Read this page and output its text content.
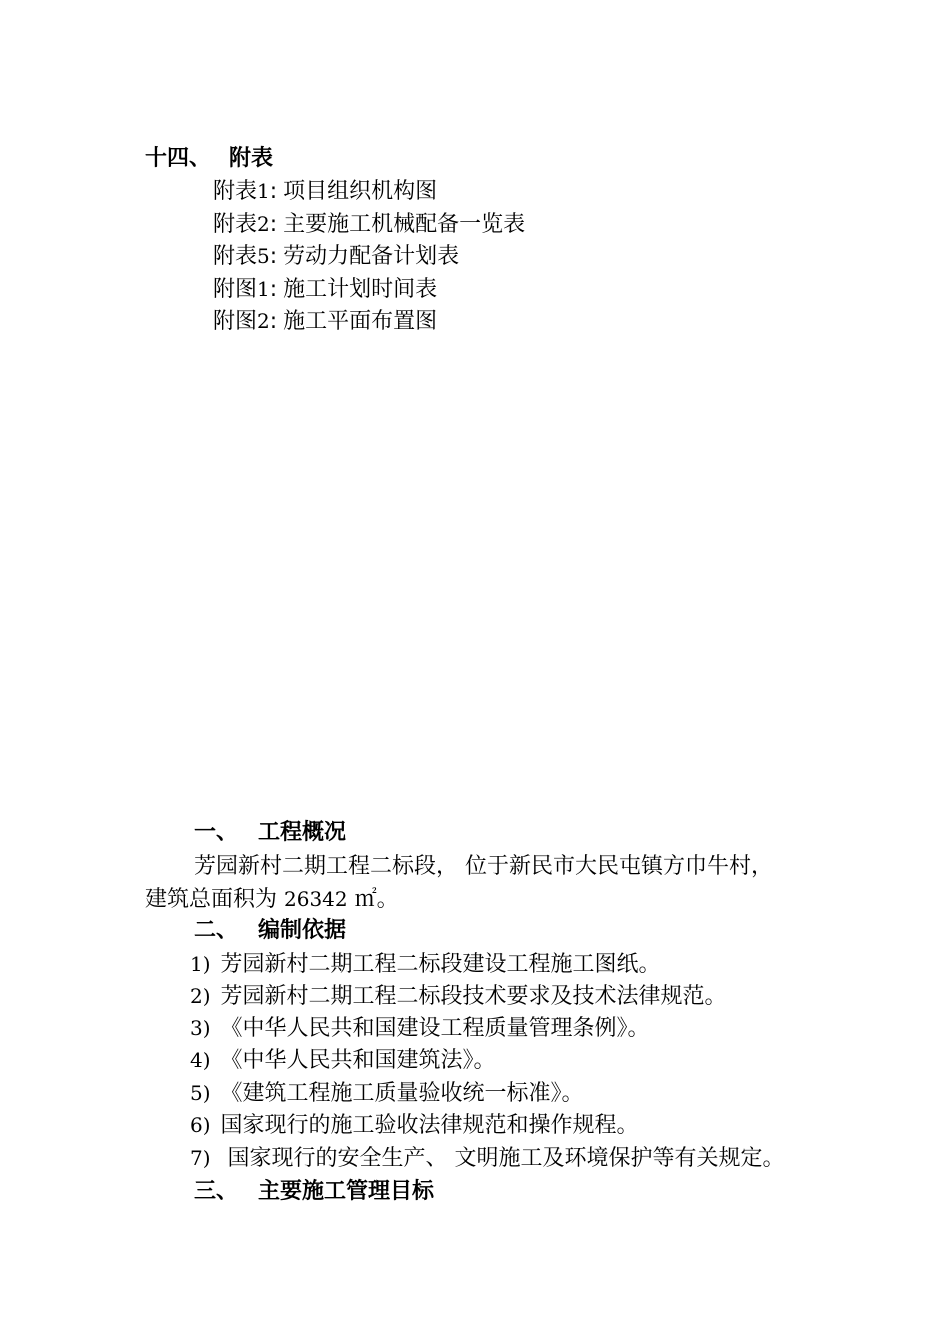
十四、 附表
附表1: 项目组织机构图
附表2: 主要施工机械配备一览表
附表5: 劳动力配备计划表
附图1: 施工计划时间表
附图2: 施工平面布置图
一、 工程概况
芳园新村二期工程二标段， 位于新民市大民屯镇方巾牛村，
建筑总面积为 26342 ㎡。
二、 编制依据
1) 芳园新村二期工程二标段建设工程施工图纸。
2) 芳园新村二期工程二标段技术要求及技术法律规范。
3) 《中华人民共和国建设工程质量管理条例》。
4) 《中华人民共和国建筑法》。
5) 《建筑工程施工质量验收统一标准》。
6) 国家现行的施工验收法律规范和操作规程。
7) 国家现行的安全生产、 文明施工及环境保护等有关规定。
三、 主要施工管理目标
